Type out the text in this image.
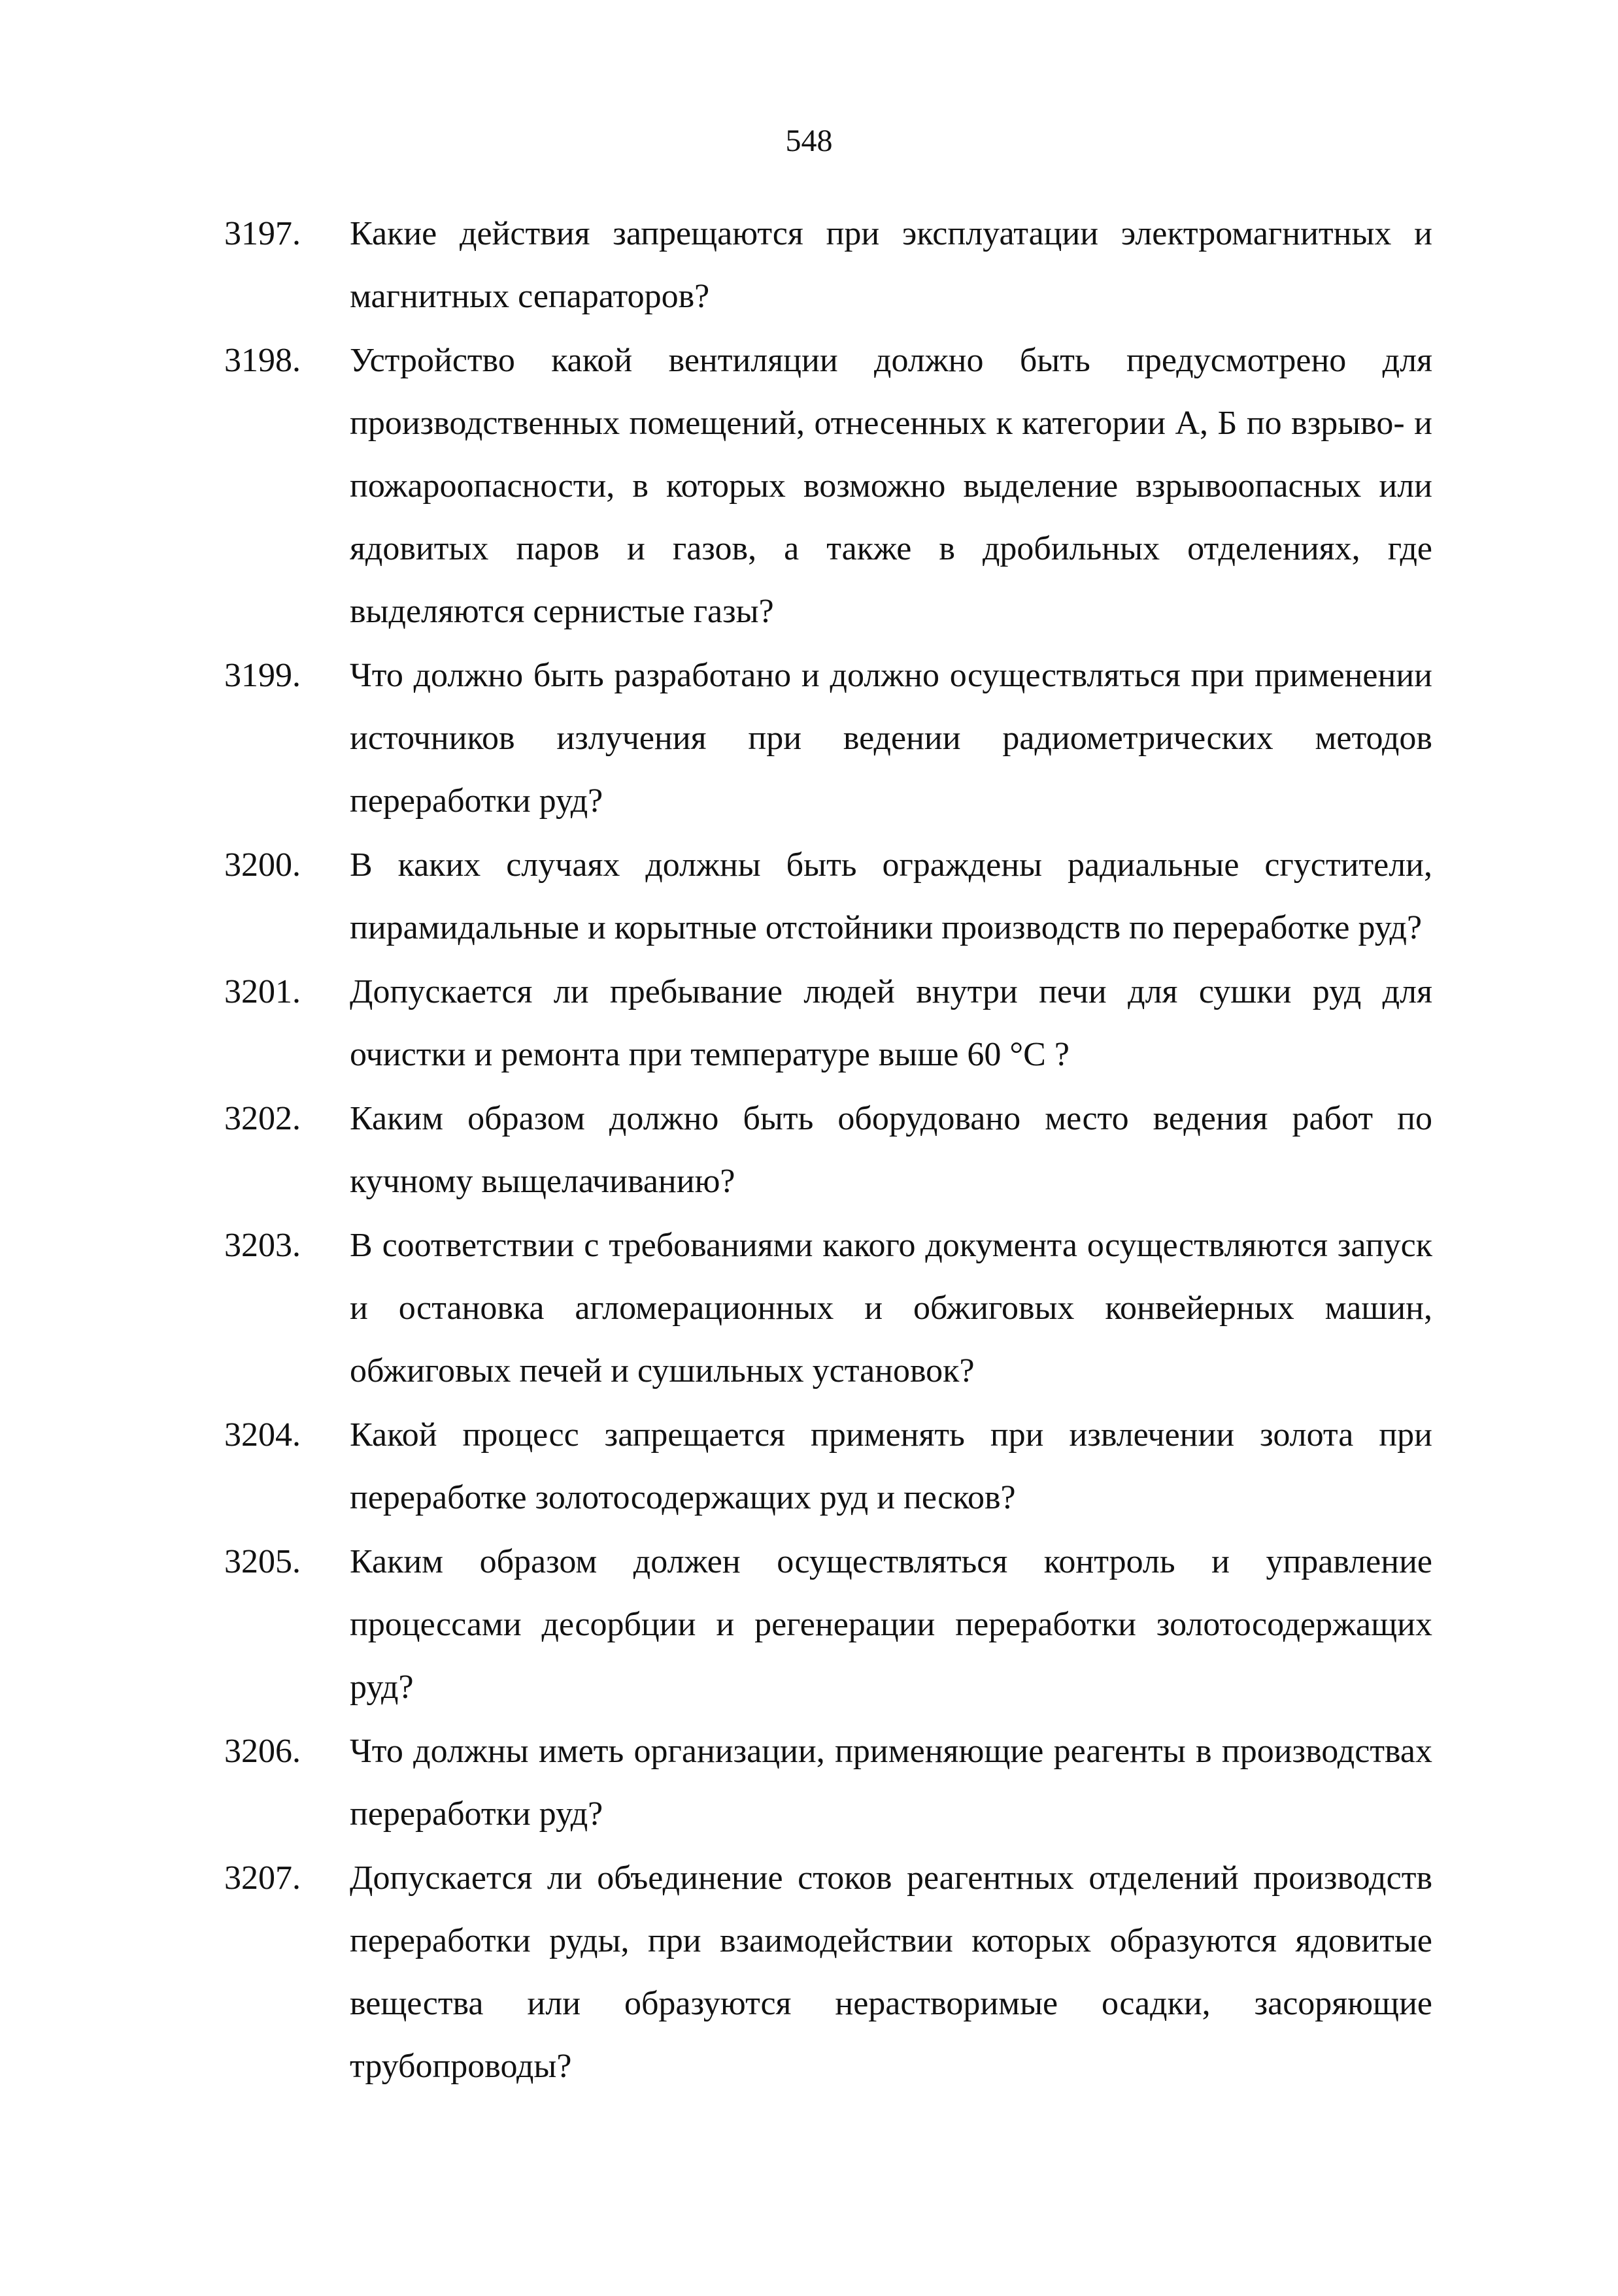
548
3197. Какие действия запрещаются при эксплуатации электромагнитных и магнитных сепараторов?
3198. Устройство какой вентиляции должно быть предусмотрено для производственных помещений, отнесенных к категории А, Б по взрыво- и пожароопасности, в которых возможно выделение взрывоопасных или ядовитых паров и газов, а также в дробильных отделениях, где выделяются сернистые газы?
3199. Что должно быть разработано и должно осуществляться при применении источников излучения при ведении радиометрических методов переработки руд?
3200. В каких случаях должны быть ограждены радиальные сгустители, пирамидальные и корытные отстойники производств по переработке руд?
3201. Допускается ли пребывание людей внутри печи для сушки руд для очистки и ремонта при температуре выше 60 °С ?
3202. Каким образом должно быть оборудовано место ведения работ по кучному выщелачиванию?
3203. В соответствии с требованиями какого документа осуществляются запуск и остановка агломерационных и обжиговых конвейерных машин, обжиговых печей и сушильных установок?
3204. Какой процесс запрещается применять при извлечении золота при переработке золотосодержащих руд и песков?
3205. Каким образом должен осуществляться контроль и управление процессами десорбции и регенерации переработки золотосодержащих руд?
3206. Что должны иметь организации, применяющие реагенты в производствах переработки руд?
3207. Допускается ли объединение стоков реагентных отделений производств переработки руды, при взаимодействии которых образуются ядовитые вещества или образуются нерастворимые осадки, засоряющие трубопроводы?
